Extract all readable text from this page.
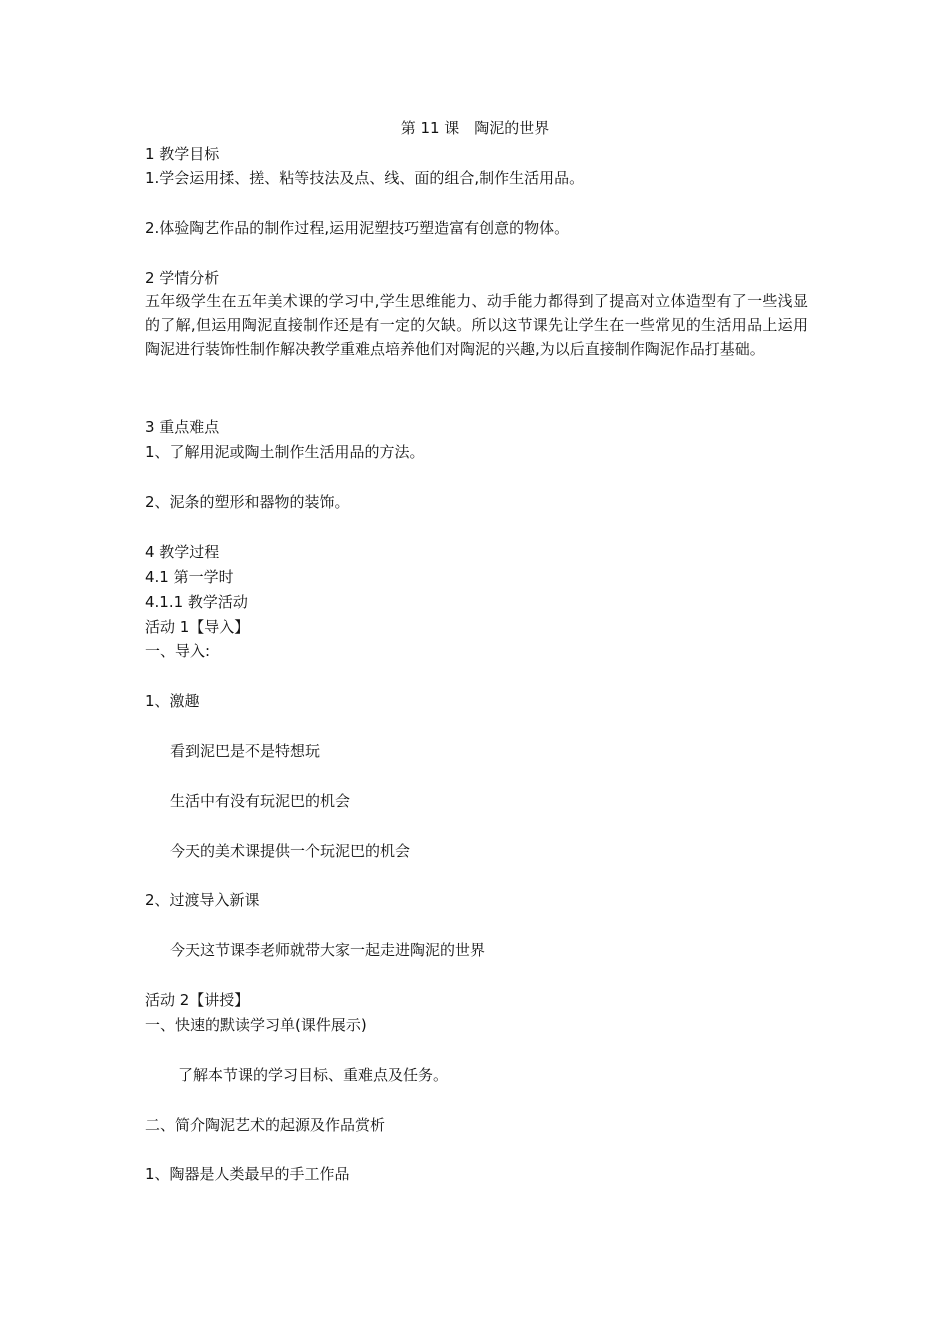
第 11 课　陶泥的世界
1 教学目标
1.学会运用揉、搓、粘等技法及点、线、面的组合,制作生活用品。
2.体验陶艺作品的制作过程,运用泥塑技巧塑造富有创意的物体。
2 学情分析
五年级学生在五年美术课的学习中,学生思维能力、动手能力都得到了提高对立体造型有了一些浅显的了解,但运用陶泥直接制作还是有一定的欠缺。所以这节课先让学生在一些常见的生活用品上运用陶泥进行装饰性制作解决教学重难点培养他们对陶泥的兴趣,为以后直接制作陶泥作品打基础。
3 重点难点
1、了解用泥或陶土制作生活用品的方法。
2、泥条的塑形和器物的装饰。
4 教学过程
4.1 第一学时
4.1.1 教学活动
活动 1【导入】
一、导入:
1、激趣
看到泥巴是不是特想玩
生活中有没有玩泥巴的机会
今天的美术课提供一个玩泥巴的机会
2、过渡导入新课
今天这节课李老师就带大家一起走进陶泥的世界
活动 2【讲授】
一、快速的默读学习单(课件展示)
了解本节课的学习目标、重难点及任务。
二、简介陶泥艺术的起源及作品赏析
1、陶器是人类最早的手工作品
